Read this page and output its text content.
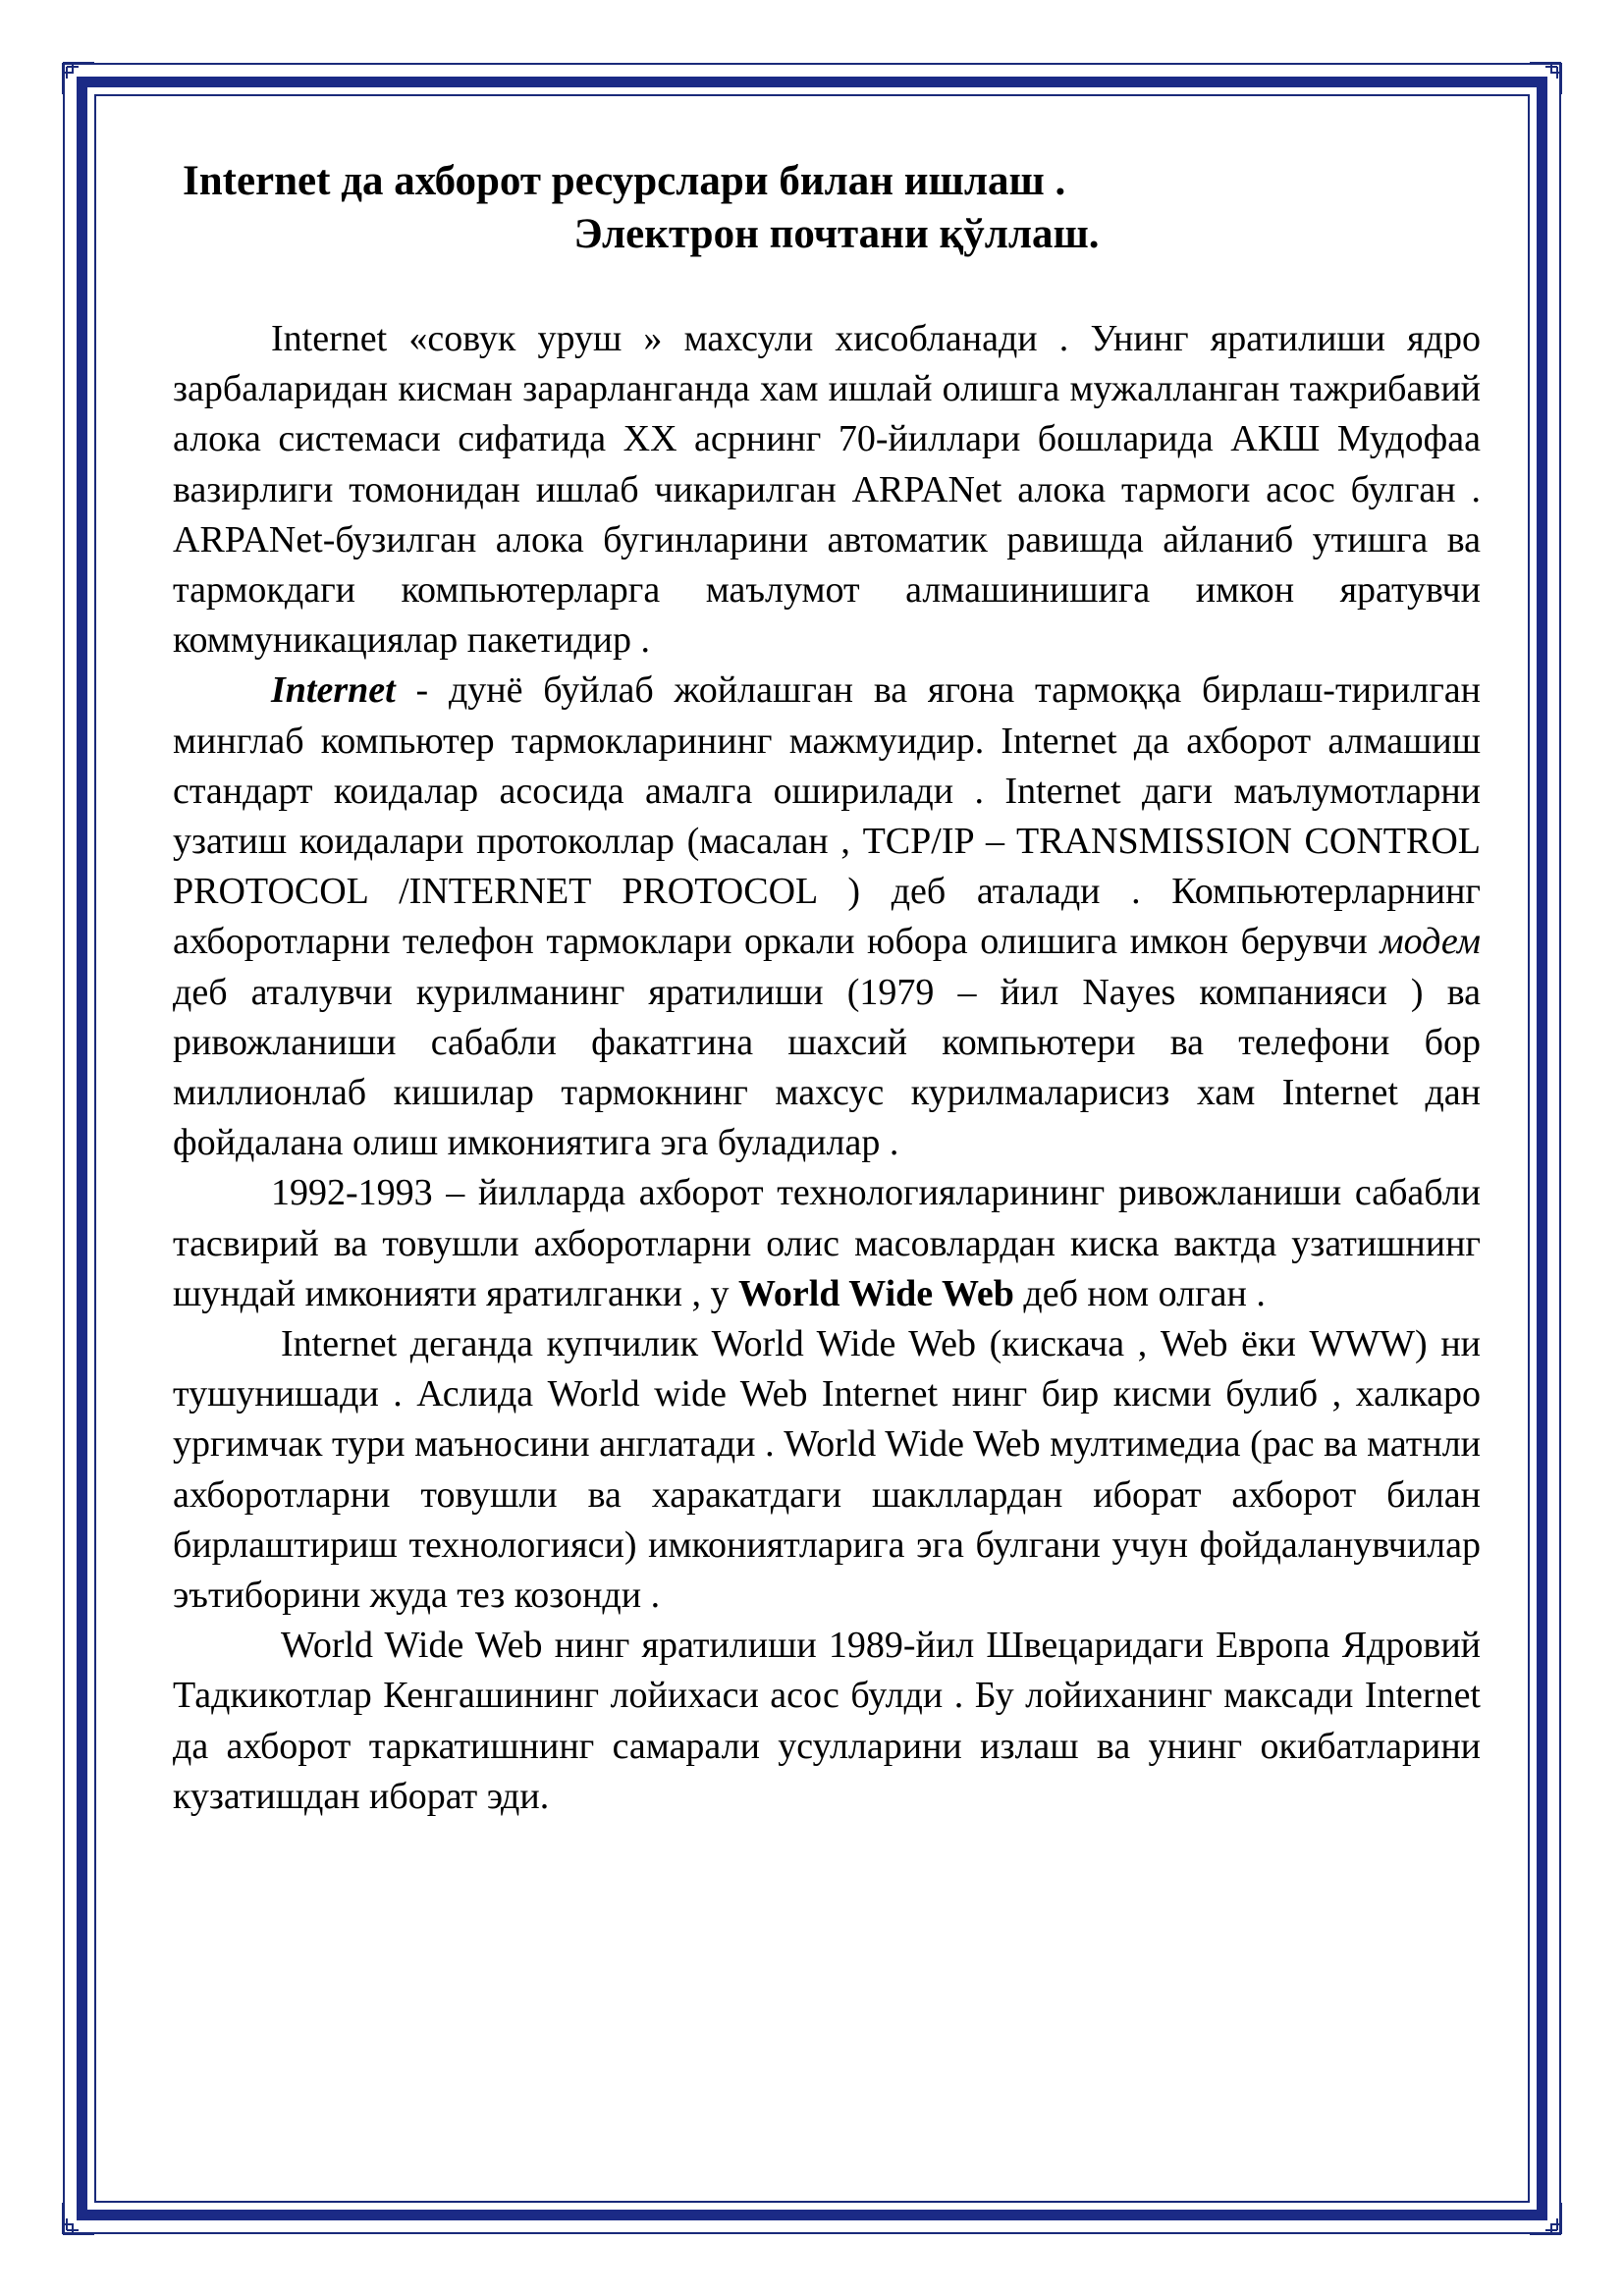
Internet да ахборот ресурслари билан ишлаш .
Электрон почтани қўллаш.

Internet «совук уруш » махсули хисобланади . Унинг яратилиши ядро зарбаларидан кисман зарарланганда хам ишлай олишга мужалланган тажрибавий алока системаси сифатида ХХ асрнинг 70-йиллари бошларида АКШ Мудофаа вазирлиги томонидан ишлаб чикарилган ARPANet алока тармоги асос булган . ARPANet-бузилган алока бугинларини автоматик равишда айланиб утишга ва тармокдаги компьютерларга маълумот алмашинишига имкон яратувчи коммуникациялар пакетидир .

Internet - дунё буйлаб жойлашган ва ягона тармоққа бирлаш-тирилган минглаб компьютер тармокларининг мажмуидир. Internet да ахборот алмашиш стандарт коидалар асосида амалга оширилади . Internet даги маълумотларни узатиш коидалари протоколлар (масалан , TCP/IP – TRANSMISSION CONTROL PROTOCOL /INTERNET PROTOCOL ) деб аталади . Компьютерларнинг ахборотларни телефон тармоклари оркали юбора олишига имкон берувчи модем деб аталувчи курилманинг яратилиши (1979 – йил Nayes компанияси ) ва ривожланиши сабабли факатгина шахсий компьютери ва телефони бор миллионлаб кишилар тармокнинг махсус курилмаларисиз хам Internet дан фойдалана олиш имкониятига эга буладилар .

1992-1993 – йилларда ахборот технологияларининг ривожланиши сабабли тасвирий ва товушли ахборотларни олис масовлардан киска вактда узатишнинг шундай имконияти яратилганки , у World Wide Web деб ном олган .

Internet деганда купчилик World Wide Web (кискача , Web ёки WWW) ни тушунишади . Аслида World wide Web Internet нинг бир кисми булиб , халкаро ургимчак тури маъносини англатади . World Wide Web мултимедиа (рас ва матнли ахборотларни товушли ва харакатдаги шакллардан иборат ахборот билан бирлаштириш технологияси) имкониятларига эга булгани учун фойдаланувчилар эътиборини жуда тез козонди .

World Wide Web нинг яратилиши 1989-йил Швецаридаги Европа Ядровий Тадкикотлар Кенгашининг лойихаси асос булди . Бу лойиханинг максади Internet да ахборот таркатишнинг самарали усулларини излаш ва унинг окибатларини кузатишдан иборат эди.
